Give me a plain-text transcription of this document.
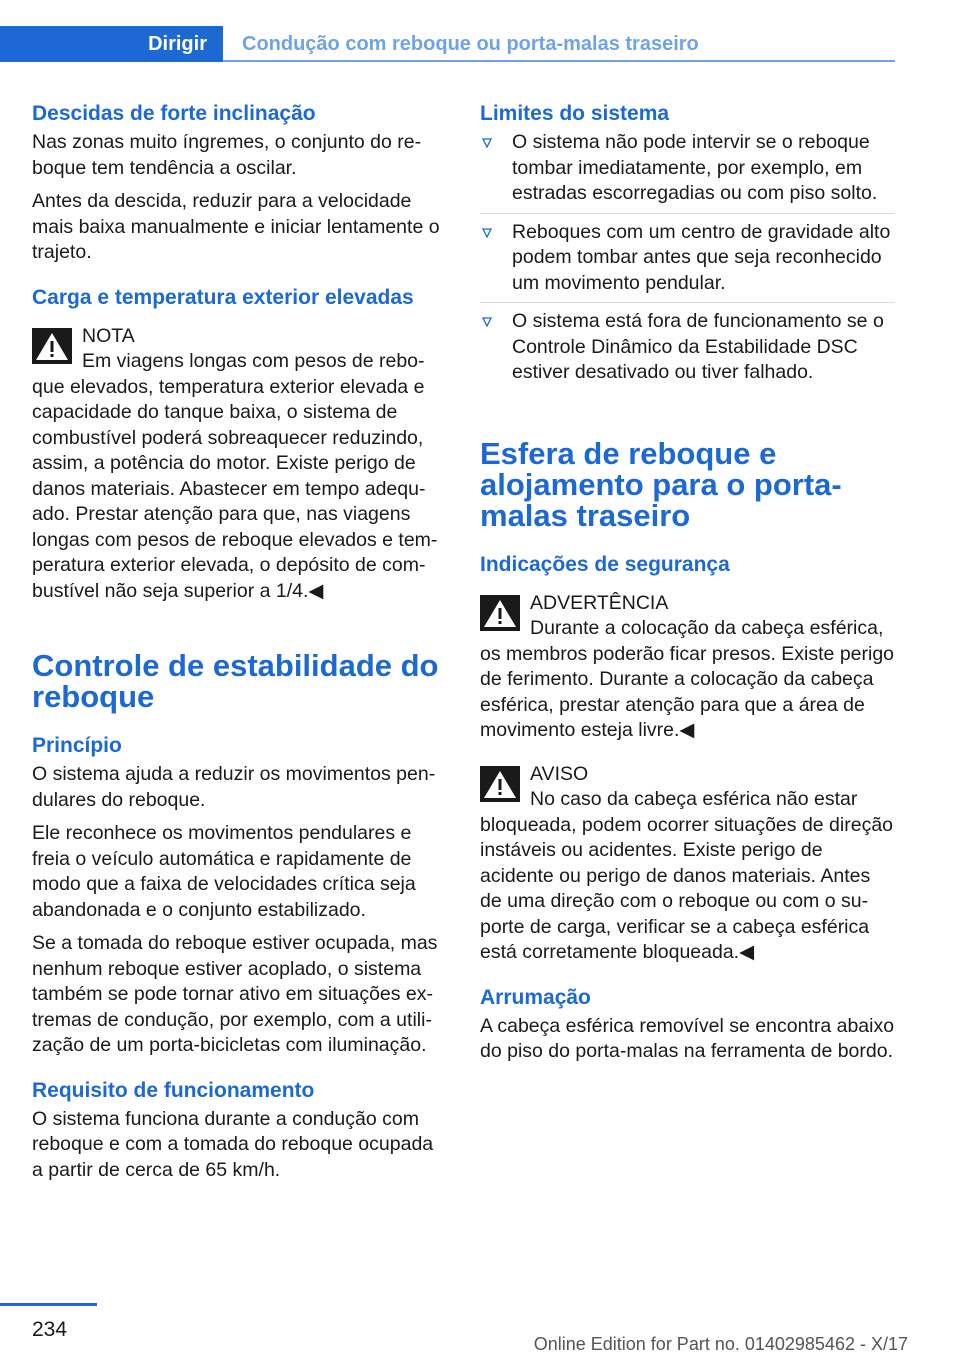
Dirigir	Condução com reboque ou porta-malas traseiro
Descidas de forte inclinação

Nas zonas muito íngremes, o conjunto do reboque tem tendência a oscilar.

Antes da descida, reduzir para a velocidade mais baixa manualmente e iniciar lentamente o trajeto.

Carga e temperatura exterior elevadas

NOTA

Em viagens longas com pesos de rebo-

que elevados, temperatura exterior elevada e capacidade do tanque baixa, o sistema de combustível poderá sobreaquecer reduzindo, assim, a potência do motor. Existe perigo de danos materiais. Abastecer em tempo adequado. Prestar atenção para que, nas viagens longas com pesos de reboque elevados e temperatura exterior elevada, o depósito de combustível não seja superior a 1/4.◀

Controle de estabilidade do reboque
Princípio

O sistema ajuda a reduzir os movimentos pendulares do reboque.

Ele reconhece os movimentos pendulares e freia o veículo automática e rapidamente de modo que a faixa de velocidades crítica seja abandonada e o conjunto estabilizado.

Se a tomada do reboque estiver ocupada, mas nenhum reboque estiver acoplado, o sistema também se pode tornar ativo em situações extremas de condução, por exemplo, com a utilização de um porta-bicicletas com iluminação.

Requisito de funcionamento

O sistema funciona durante a condução com reboque e com a tomada do reboque ocupada a partir de cerca de 65 km/h.

Limites do sistema
O sistema não pode intervir se o reboque tombar imediatamente, por exemplo, em estradas escorregadias ou com piso solto.
Reboques com um centro de gravidade alto podem tombar antes que seja reconhecido um movimento pendular.
O sistema está fora de funcionamento se o Controle Dinâmico da Estabilidade DSC estiver desativado ou tiver falhado.
Esfera de reboque e alojamento para o porta-malas traseiro
Indicações de segurança

ADVERTÊNCIA

Durante a colocação da cabeça esférica,

os membros poderão ficar presos. Existe perigo de ferimento. Durante a colocação da cabeça esférica, prestar atenção para que a área de movimento esteja livre.◀

AVISO

No caso da cabeça esférica não estar

bloqueada, podem ocorrer situações de direção instáveis ou acidentes. Existe perigo de acidente ou perigo de danos materiais. Antes de uma direção com o reboque ou com o suporte de carga, verificar se a cabeça esférica está corretamente bloqueada.◀

Arrumação

A cabeça esférica removível se encontra abaixo do piso do porta-malas na ferramenta de bordo.

234
Online Edition for Part no. 01402985462 - X/17
